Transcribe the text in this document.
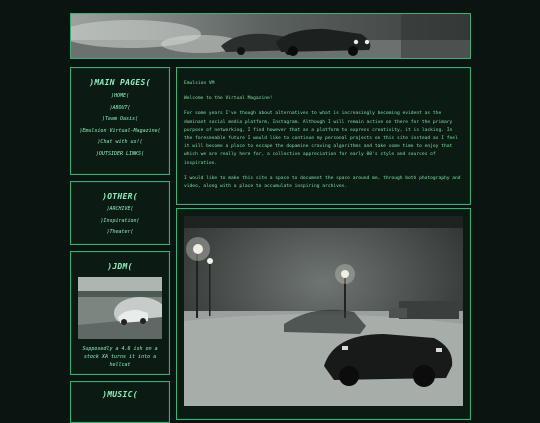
)MAIN PAGES(
)HOME(
)ABOUT(
)Team Oasis(
)Emulsion Virtual-Magazine(
)Chat with us!(
)OUTSIDER LINKS(
)OTHER(
)ARCHIVE(
)Inspiration(
)Theater(
)JDM(
Supposedly a 4.6 ish on a stock XA turns it into a hellcat
)MUSIC(

Emulsion VM

Welcome to the Virtual Magazine!

For some years I've though about alternatives to what is increasingly becoming evident as the dominant social media platform, Instagram. Although I will remain active on there for the primary purpose of networking, I find however that as a platform to express creativity, it is lacking. In the foreseeable future I would like to continue my personal projects on this site instead as I feel it will become a place to escape the dopamine craving algorithms and take some time to enjoy that which we are really here for, a collective appreciation for early 00's style and sources of inspiration.

I would like to make this site a space to document the space around me, through both photography and video, along with a place to accumulate inspiring archives.
